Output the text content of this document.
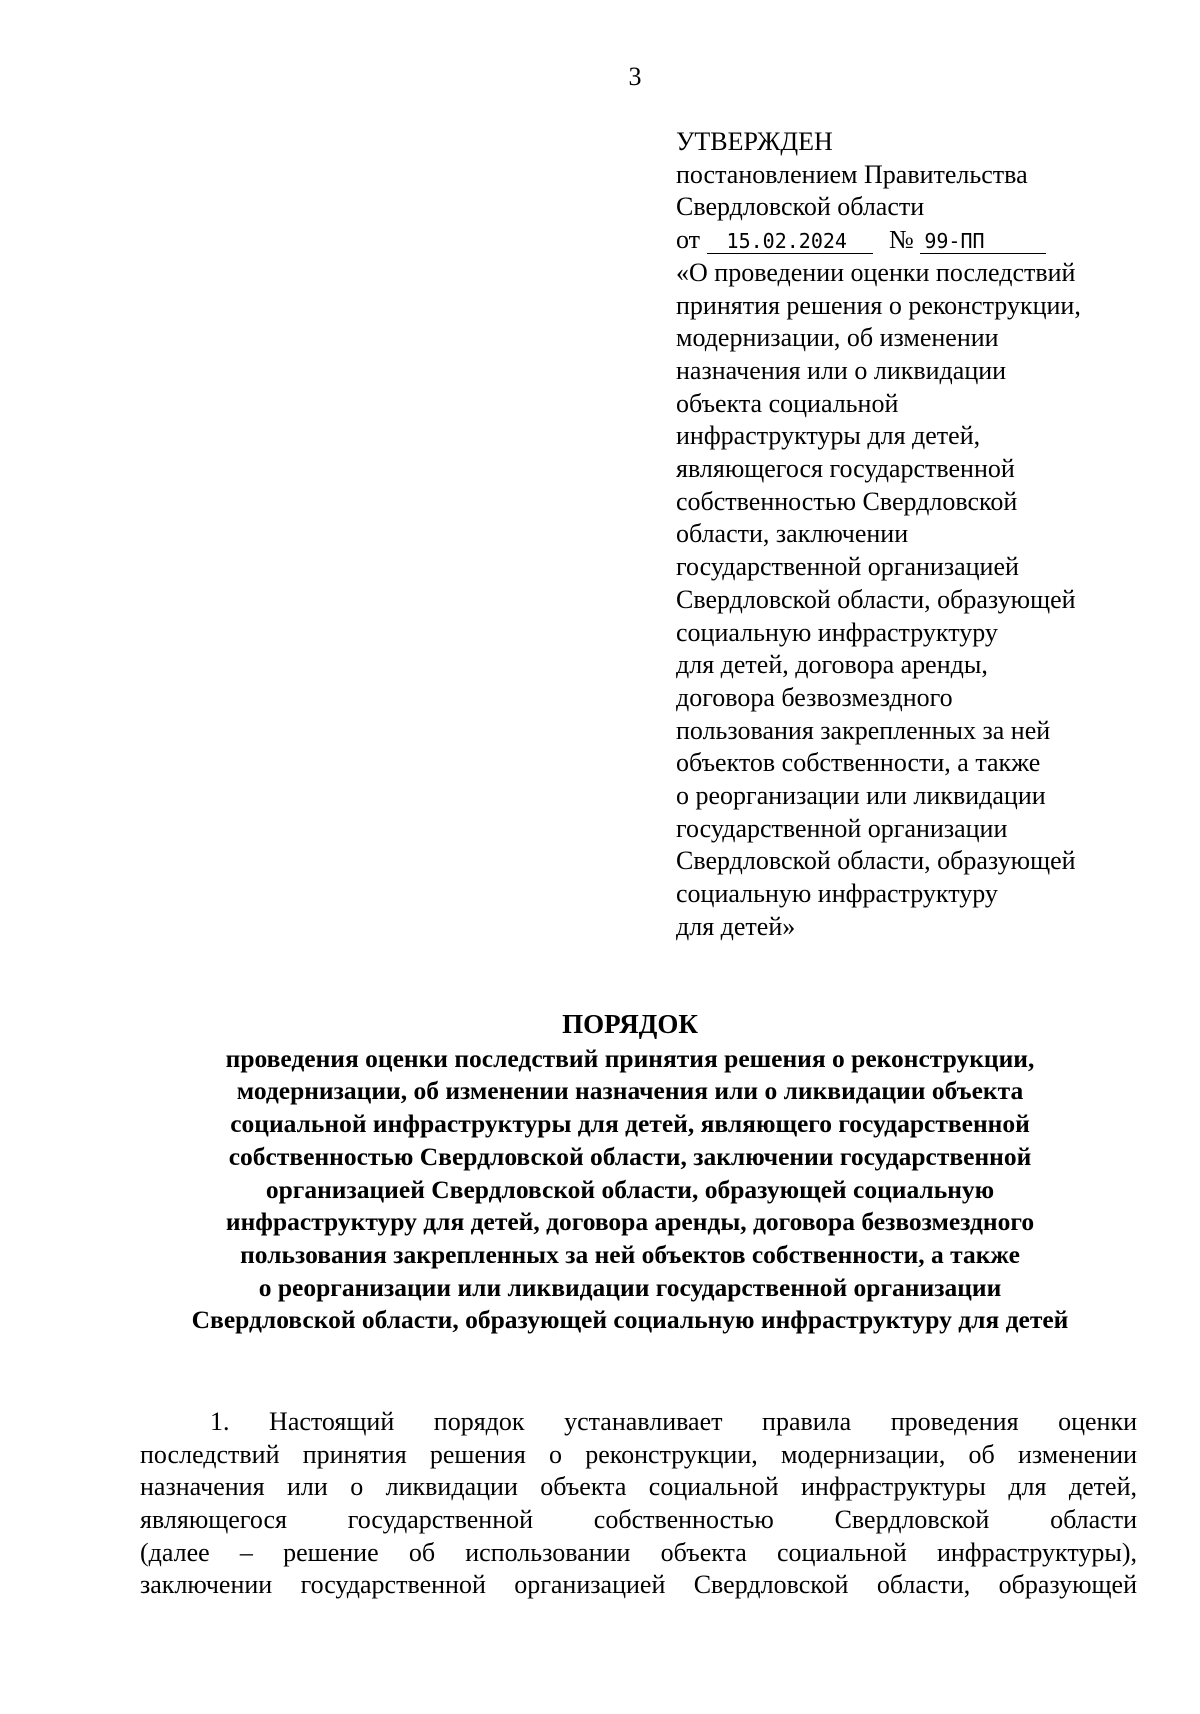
3
УТВЕРЖДЕН
постановлением Правительства
Свердловской области
от 15.02.2024 № 99-ПП
«О проведении оценки последствий
принятия решения о реконструкции,
модернизации, об изменении
назначения или о ликвидации
объекта социальной
инфраструктуры для детей,
являющегося государственной
собственностью Свердловской
области, заключении
государственной организацией
Свердловской области, образующей
социальную инфраструктуру
для детей, договора аренды,
договора безвозмездного
пользования закрепленных за ней
объектов собственности, а также
о реорганизации или ликвидации
государственной организации
Свердловской области, образующей
социальную инфраструктуру
для детей»
ПОРЯДОК
проведения оценки последствий принятия решения о реконструкции,
модернизации, об изменении назначения или о ликвидации объекта
социальной инфраструктуры для детей, являющего государственной
собственностью Свердловской области, заключении государственной
организацией Свердловской области, образующей социальную
инфраструктуру для детей, договора аренды, договора безвозмездного
пользования закрепленных за ней объектов собственности, а также
о реорганизации или ликвидации государственной организации
Свердловской области, образующей социальную инфраструктуру для детей
1. Настоящий порядок устанавливает правила проведения оценки
последствий принятия решения о реконструкции, модернизации, об изменении
назначения или о ликвидации объекта социальной инфраструктуры для детей,
являющегося государственной собственностью Свердловской области
(далее – решение об использовании объекта социальной инфраструктуры),
заключении государственной организацией Свердловской области, образующей
